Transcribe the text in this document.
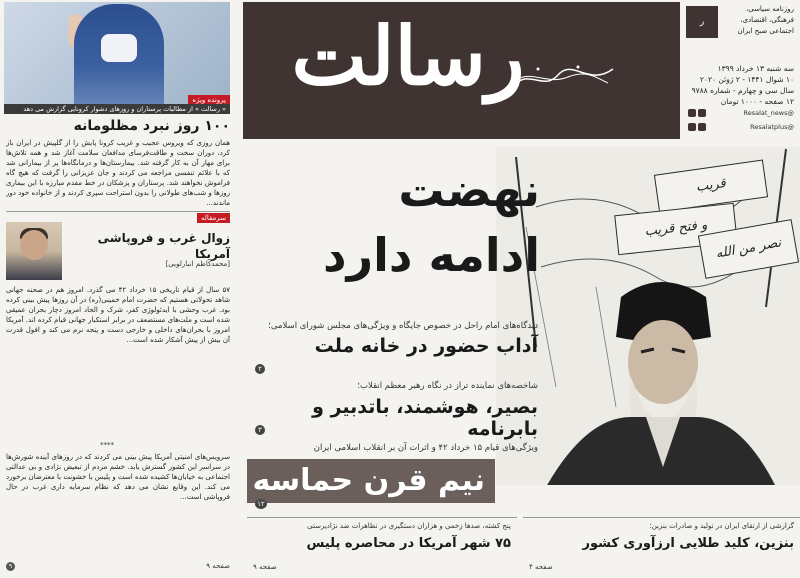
پرونده ویژه
« رسالت » از مطالبات پرستاران و روزهای دشوار کرونایی گزارش می دهد
۱۰۰ روز نبرد مظلومانه
همان روزی که ویروس عجیب و غریب کرونا پایش را از گلپیش در ایران باز کرد، دوران سخت و طاقت‌فرسای مدافعان سلامت آغاز شد و همه تلاش‌ها برای مهار آن به کار گرفته شد. بیمارستان‌ها و درمانگاه‌ها پر از بیمارانی شد که با علائم تنفسی مراجعه می کردند و جان عزیزانی را گرفت که هیچ گاه فراموش نخواهند شد. پرستاران و پزشکان در خط مقدم مبارزه با این بیماری روزها و شب‌های طولانی را بدون استراحت سپری کردند و از خانواده خود دور ماندند...
سرمقاله
زوال غرب و فروپاشی آمریکا
[محمدکاظم انبارلویی]
۵۷ سال از قیام تاریخی ۱۵ خرداد ۴۲ می گذرد. امروز هم در صحنه جهانی شاهد تحولاتی هستیم که حضرت امام خمینی(ره) در آن روزها پیش بینی کرده بود. غرب وحشی با ایدئولوژی کفر، شرک و الحاد امروز دچار بحران عمیقی شده است و ملت‌های مستضعف در برابر استکبار جهانی قیام کرده اند. آمریکا امروز با بحران‌های داخلی و خارجی دست و پنجه نرم می کند و افول قدرت آن بیش از پیش آشکار شده است...
****
سرویس‌های امنیتی آمریکا پیش بینی می کردند که در روزهای آینده شورش‌ها در سراسر این کشور گسترش یابد. خشم مردم از تبعیض نژادی و بی عدالتی اجتماعی به خیابان‌ها کشیده شده است و پلیس با خشونت با معترضان برخورد می کند. این وقایع نشان می دهد که نظام سرمایه داری غرب در حال فروپاشی است...
صفحه ۹
۹
رسالت	ر
روزنامه سیاسی، فرهنگی، اقتصادی، اجتماعی صبح ایران
سه شنبه ۱۳ خرداد ۱۳۹۹
۱۰ شوال ۱۴۴۱ - ۲ ژوئن ۲۰۲۰
سال سی و چهارم - شماره ۹۷۸۸
۱۲ صفحه - ۱۰۰۰ تومان
@Resalat_news
@Resalatplus
قریب
و فتح قریب
نصر من الله
نهضت
ادامه دارد
دیدگاه‌های امام راحل در خصوص جایگاه و ویژگی‌های مجلس شورای اسلامی؛
آداب حضور در خانه ملت
۲
شاخصه‌های نماینده تراز در نگاه رهبر معظم انقلاب؛
بصیر، هوشمند، باتدبیر و بابرنامه
۳
ویژگی‌های قیام ۱۵ خرداد ۴۲ و اثرات آن بر انقلاب اسلامی ایران
نیم قرن حماسه
۱۲
پنج کشته، صدها زخمی و هزاران دستگیری در تظاهرات ضد نژادپرستی
۷۵ شهر آمریکا در محاصره پلیس
صفحه ۹
گزارشی از ارتقای ایران در تولید و صادرات بنزین؛
بنزین، کلید طلایی ارزآوری کشور
صفحه ۴
